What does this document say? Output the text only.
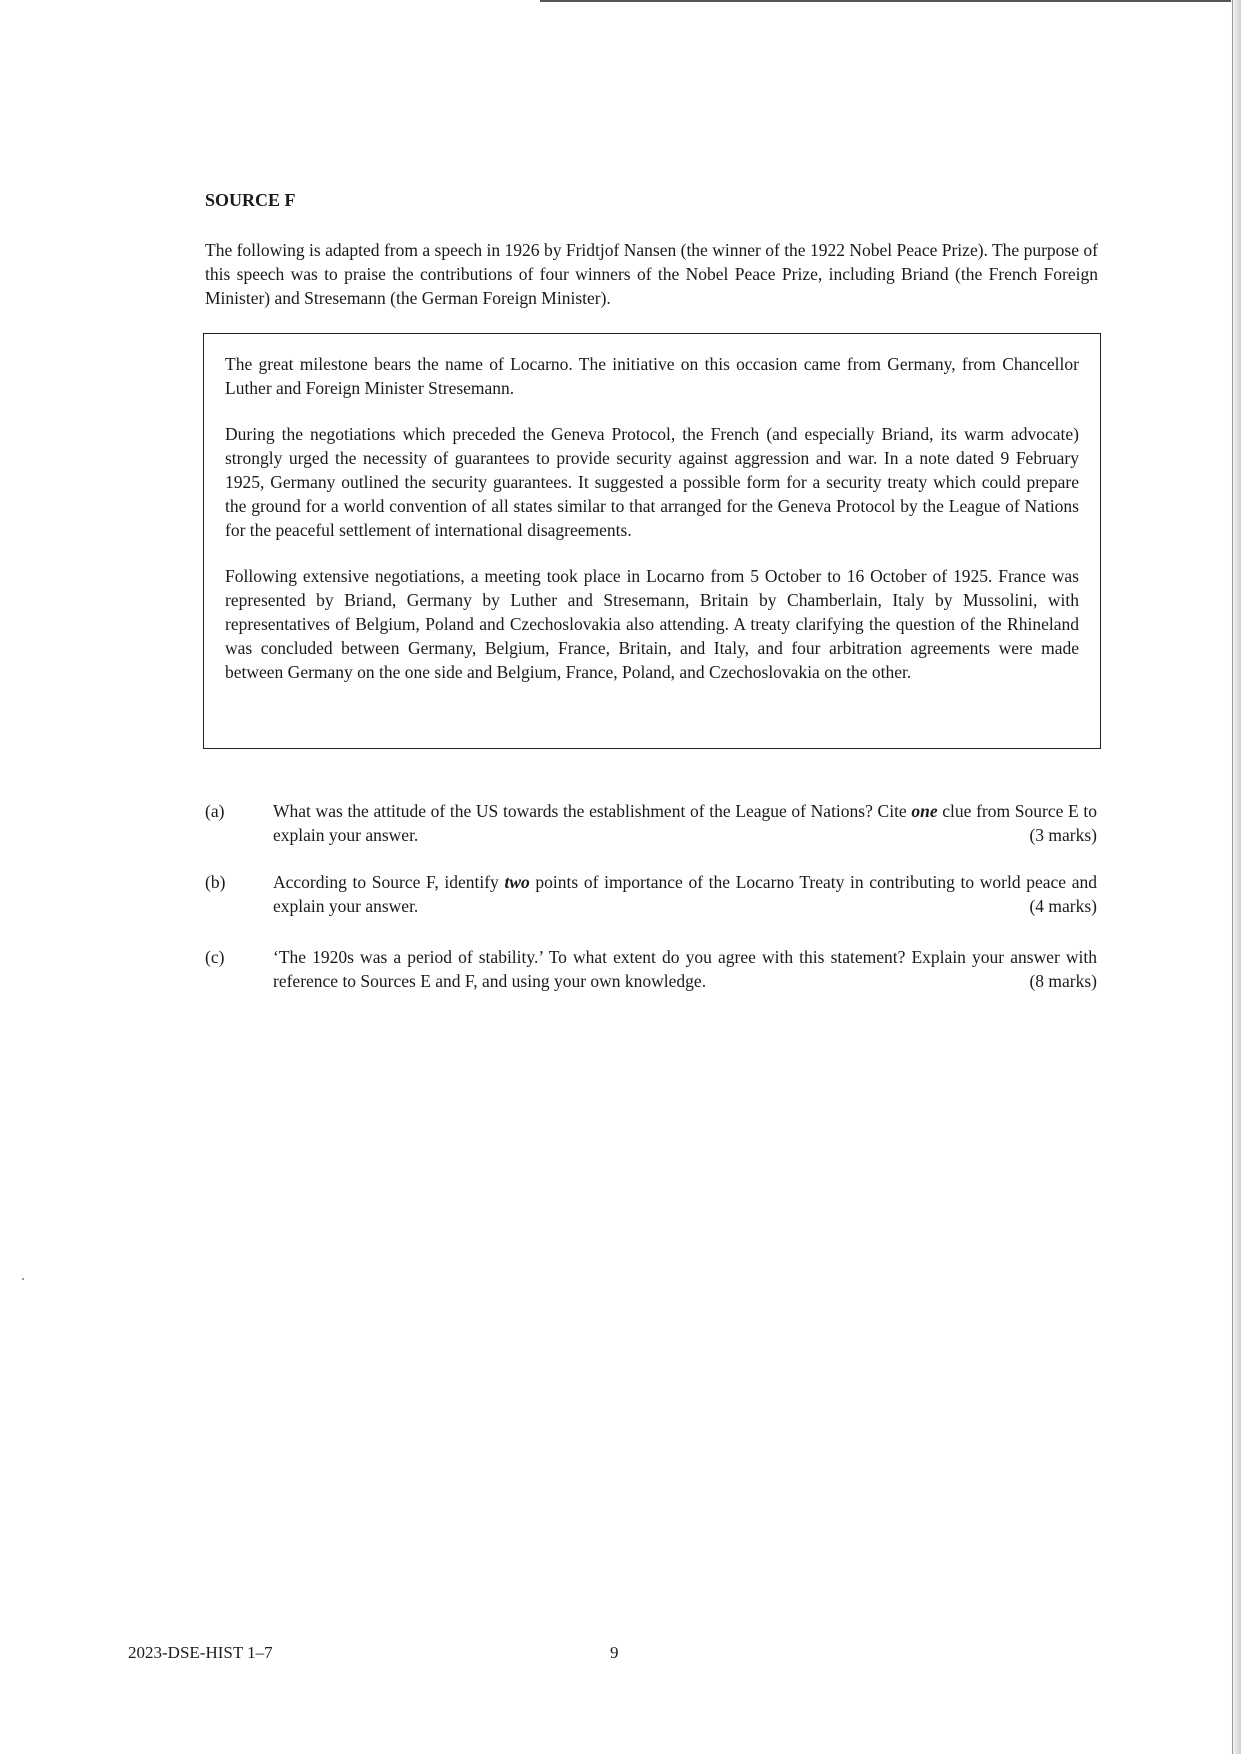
SOURCE F

The following is adapted from a speech in 1926 by Fridtjof Nansen (the winner of the 1922 Nobel Peace Prize). The purpose of this speech was to praise the contributions of four winners of the Nobel Peace Prize, including Briand (the French Foreign Minister) and Stresemann (the German Foreign Minister).

The great milestone bears the name of Locarno. The initiative on this occasion came from Germany, from Chancellor Luther and Foreign Minister Stresemann.

During the negotiations which preceded the Geneva Protocol, the French (and especially Briand, its warm advocate) strongly urged the necessity of guarantees to provide security against aggression and war. In a note dated 9 February 1925, Germany outlined the security guarantees. It suggested a possible form for a security treaty which could prepare the ground for a world convention of all states similar to that arranged for the Geneva Protocol by the League of Nations for the peaceful settlement of international disagreements.

Following extensive negotiations, a meeting took place in Locarno from 5 October to 16 October of 1925. France was represented by Briand, Germany by Luther and Stresemann, Britain by Chamberlain, Italy by Mussolini, with representatives of Belgium, Poland and Czechoslovakia also attending. A treaty clarifying the question of the Rhineland was concluded between Germany, Belgium, France, Britain, and Italy, and four arbitration agreements were made between Germany on the one side and Belgium, France, Poland, and Czechoslovakia on the other.

(a)	What was the attitude of the US towards the establishment of the League of Nations? Cite one clue from Source E to explain your answer.	(3 marks)
(b)	According to Source F, identify two points of importance of the Locarno Treaty in contributing to world peace and explain your answer.	(4 marks)
(c)	‘The 1920s was a period of stability.’ To what extent do you agree with this statement? Explain your answer with reference to Sources E and F, and using your own knowledge.	(8 marks)
2023-DSE-HIST 1–7	9
